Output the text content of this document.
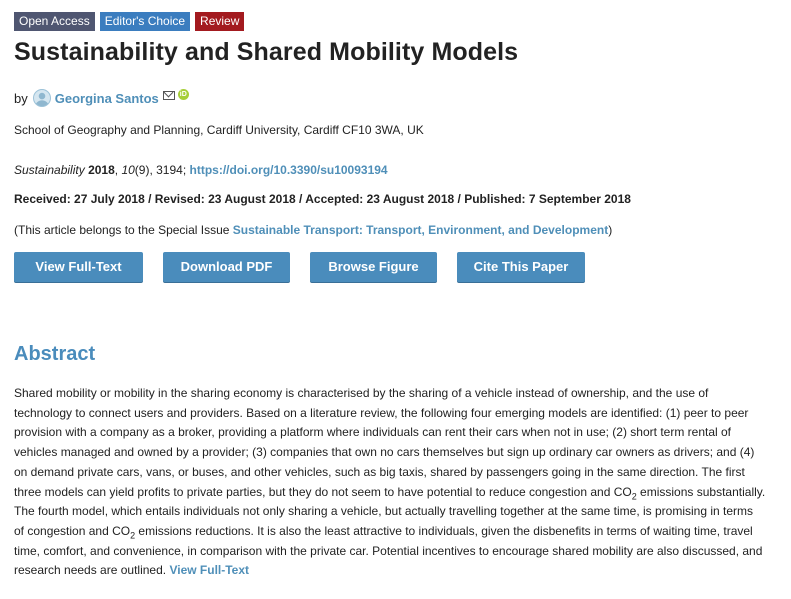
Open Access	Editor's Choice	Review
Sustainability and Shared Mobility Models
by Georgina Santos	iD
School of Geography and Planning, Cardiff University, Cardiff CF10 3WA, UK
Sustainability 2018, 10(9), 3194; https://doi.org/10.3390/su10093194
Received: 27 July 2018 / Revised: 23 August 2018 / Accepted: 23 August 2018 / Published: 7 September 2018
(This article belongs to the Special Issue Sustainable Transport: Transport, Environment, and Development)
View Full-Text	Download PDF	Browse Figure	Cite This Paper
Abstract

Shared mobility or mobility in the sharing economy is characterised by the sharing of a vehicle instead of ownership, and the use of technology to connect users and providers. Based on a literature review, the following four emerging models are identified: (1) peer to peer provision with a company as a broker, providing a platform where individuals can rent their cars when not in use; (2) short term rental of vehicles managed and owned by a provider; (3) companies that own no cars themselves but sign up ordinary car owners as drivers; and (4) on demand private cars, vans, or buses, and other vehicles, such as big taxis, shared by passengers going in the same direction. The first three models can yield profits to private parties, but they do not seem to have potential to reduce congestion and $CO_2$ emissions substantially. The fourth model, which entails individuals not only sharing a vehicle, but actually travelling together at the same time, is promising in terms of congestion and $CO_2$ emissions reductions. It is also the least attractive to individuals, given the disbenefits in terms of waiting time, travel time, comfort, and convenience, in comparison with the private car. Potential incentives to encourage shared mobility are also discussed, and research needs are outlined. View Full-Text
